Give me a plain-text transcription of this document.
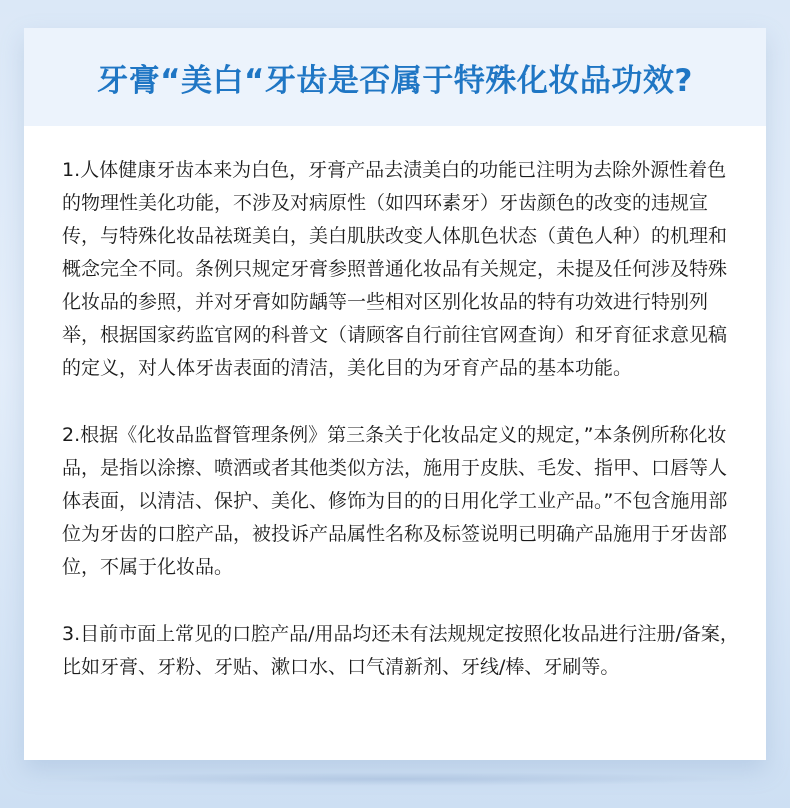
牙膏“美白“牙齿是否属于特殊化妆品功效?

1.人体健康牙齿本来为白色，牙膏产品去渍美白的功能已注明为去除外源性着色的物理性美化功能，不涉及对病原性（如四环素牙）牙齿颜色的改变的违规宣传，与特殊化妆品祛斑美白，美白肌肤改变人体肌色状态（黄色人种）的机理和概念完全不同。条例只规定牙膏参照普通化妆品有关规定，未提及任何涉及特殊化妆品的参照，并对牙膏如防龋等一些相对区别化妆品的特有功效进行特别列举，根据国家药监官网的科普文（请顾客自行前往官网查询）和牙育征求意见稿的定义，对人体牙齿表面的清洁，美化目的为牙育产品的基本功能。

2.根据《化妆品监督管理条例》第三条关于化妆品定义的规定，”本条例所称化妆品，是指以涂擦、喷洒或者其他类似方法，施用于皮肤、毛发、指甲、口唇等人体表面，以清洁、保护、美化、修饰为目的的日用化学工业产品。”不包含施用部位为牙齿的口腔产品，被投诉产品属性名称及标签说明已明确产品施用于牙齿部位，不属于化妆品。

3.目前市面上常见的口腔产品/用品均还未有法规规定按照化妆品进行注册/备案，比如牙膏、牙粉、牙贴、漱口水、口气清新剂、牙线/棒、牙刷等。
